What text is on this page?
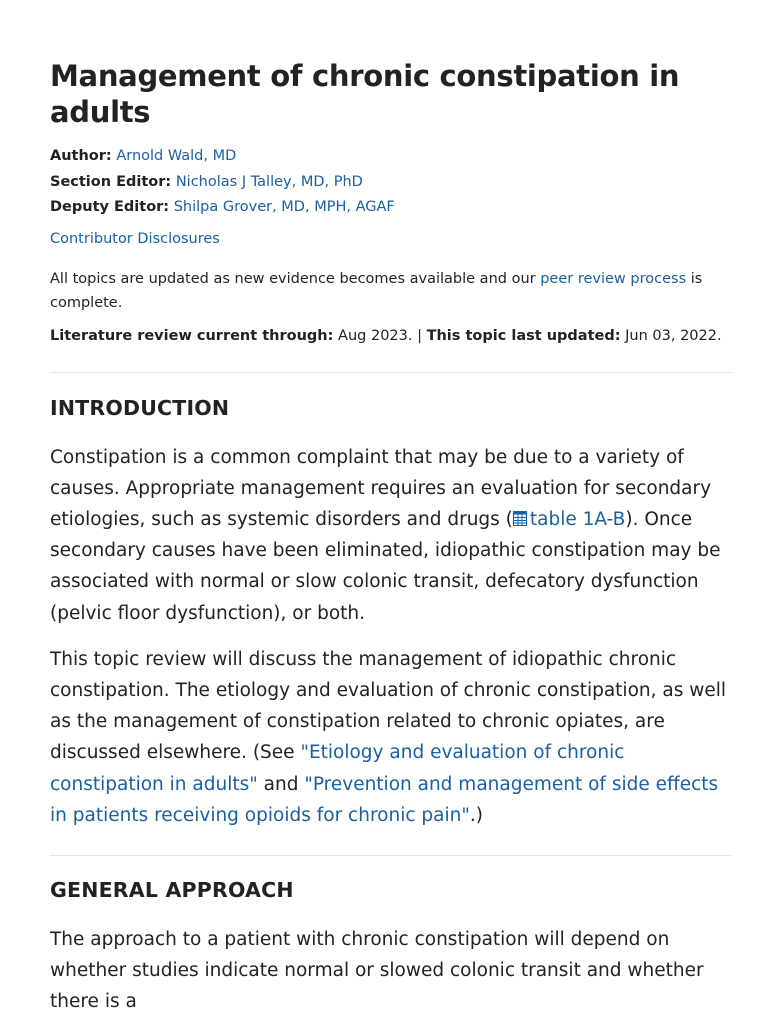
Management of chronic constipation in adults
Author: Arnold Wald, MD
Section Editor: Nicholas J Talley, MD, PhD
Deputy Editor: Shilpa Grover, MD, MPH, AGAF
Contributor Disclosures
All topics are updated as new evidence becomes available and our peer review process is complete.
Literature review current through: Aug 2023. | This topic last updated: Jun 03, 2022.
INTRODUCTION

Constipation is a common complaint that may be due to a variety of causes. Appropriate management requires an evaluation for secondary etiologies, such as systemic disorders and drugs ( table 1A-B). Once secondary causes have been eliminated, idiopathic constipation may be associated with normal or slow colonic transit, defecatory dysfunction (pelvic floor dysfunction), or both.

This topic review will discuss the management of idiopathic chronic constipation. The etiology and evaluation of chronic constipation, as well as the management of constipation related to chronic opiates, are discussed elsewhere. (See "Etiology and evaluation of chronic constipation in adults" and "Prevention and management of side effects in patients receiving opioids for chronic pain".)

GENERAL APPROACH

The approach to a patient with chronic constipation will depend on whether studies indicate normal or slowed colonic transit and whether there is a
